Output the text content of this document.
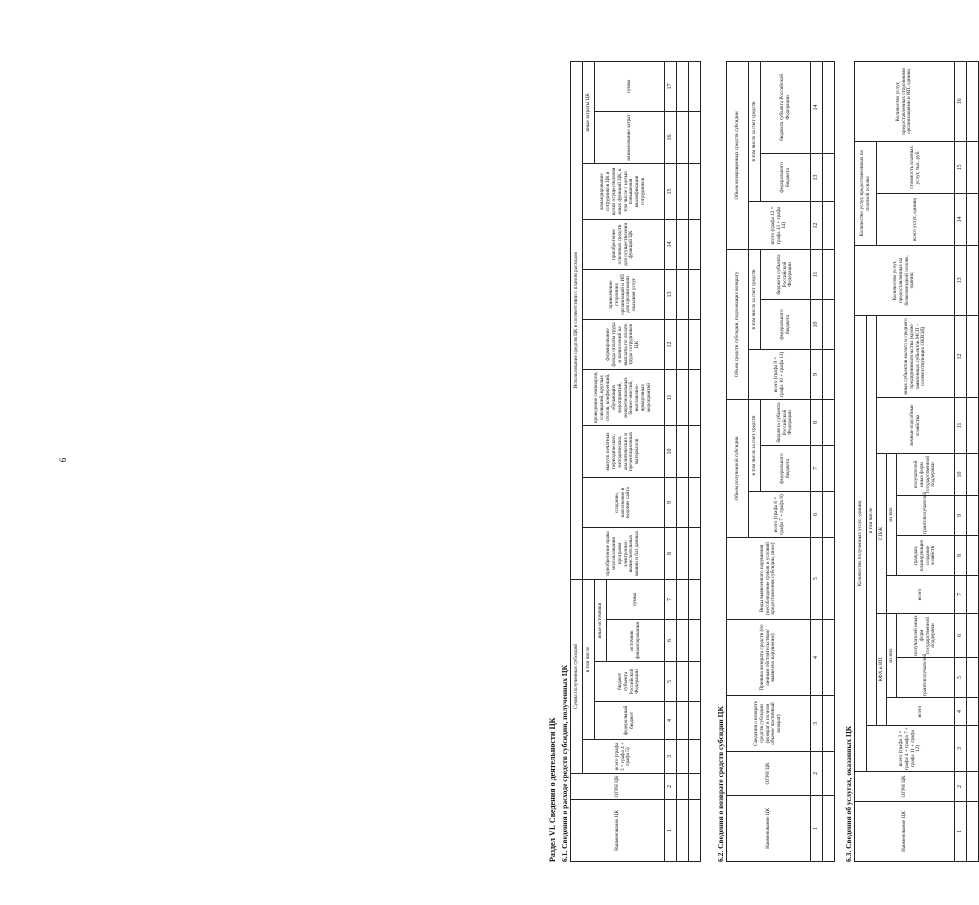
9
Раздел VI. Сведения о деятельности ЦК 6.1. Сведения о расходе средств субсидии, полученных ЦК	Наименование ЦК	ОГРН ЦК	Сумма полученных субсидий					Использование средств ЦК в соответствии с планом расходов									
		всего (графа 3 = графа 4 + графа 5)	в том числе				приобретение права использования программ электронно-вычислительных машин и баз данных	создание, наполнение и ведение сайта	выпуск печатных периодических, методических, аналитических и презентационных материалов	проведение семинаров, совещаний, круглых столов, конференций, обучающих мероприятий, межрегиональных бизнес-миссий, выставочно-ярмарочных мероприятий	формирование фонда оплаты труда и начислений на выплаты по оплате труда сотрудников ЦК	привлечение сторонних организаций и ИП для организации оказания услуг	приобретение основных средств для осуществления функций ЦК	командирование сотрудников ЦК в целях осуществления иных функций ЦК, в том числе с целью повышения квалификации сотрудников	иные затраты ЦК	
			федеральный бюджет	бюджет субъекта Российской Федерации	иные источники										наименование затрат	сумма
					источник финансирования	сумма										
1	2	3	4	5	6	7	8	9	10	11	12	13	14	15	16	17

6.2. Сведения о возврате средств субсидии ЦК	Наименование ЦК	ОГРН ЦК	Сведения о возврате средств субсидии (возврат в полном объеме/ частичный возврат)	Причина возврата средств (по личным обстоятельствам/ выявлено нарушение)	Виды выявленного нарушения (несоблюдение сроков и условий предоставления субсидии, иное)	Объем полученной субсидии			Объем средств субсидии, подлежащих возврату			Объем возвращенных средств субсидии		
					всего (графа 6 = графа 7 + графа 8)	в том числе за счет средств		всего (графа 9 = графа 10 + графа 11)	в том числе за счет средств		всего (графа 12 = графа 13 + графа 14)	в том числе за счет средств	
						федерального бюджета	бюджета субъекта Российской Федерации		федерального бюджета	бюджета субъекта Российской Федерации		федерального бюджета	бюджета субъекта Российской Федерации
1	2	3	4	5	6	7	8	9	10	11	12	13	14

6.3. Сведения об услугах, оказанных ЦК	Наименование ЦК	ОГРН ЦК	Количество полученных услуг, единиц										Количество услуг, предоставленных на безвозмездной основе, единиц	Количество услуг, предоставленных на платной основе		Количество услуг, предоставленных сторонними организациями и ИП, единиц
		всего (графа 3 = графа 4 + графа 7 + графа 11 + графа 12)	в том числе												
			КФХ и ИП			СПоК				личные подсобные хозяйства	иных субъектов малого и среднего предпринимательства (кроме заявленных субъектов МСП – соответствующих ОКВЭД)		всего услуг, единиц	стоимость платных услуг, тыс. руб.	
			всего	из них		всего	из них								
				грантополучателей	получателей иных форм государственной поддержки		граждан, планирующих создание хозяйств	грантополучателей	получателей иных форм государственной поддержки						
1	2	3	4	5	6	7	8	9	10	11	12	13	14	15	16
